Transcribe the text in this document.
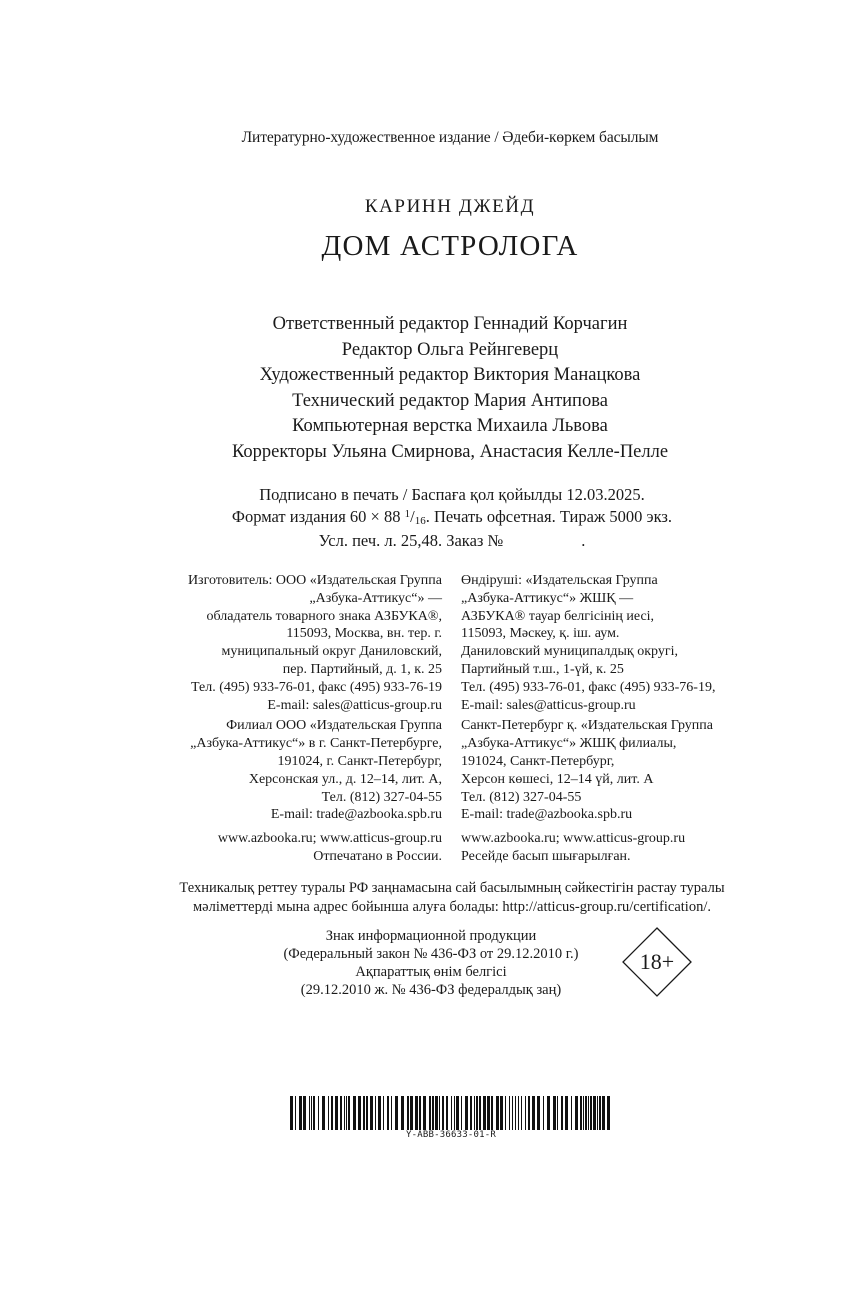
Литературно-художественное издание / Әдеби-көркем басылым
КАРИНН ДЖЕЙД
ДОМ АСТРОЛОГА
Ответственный редактор Геннадий Корчагин
Редактор Ольга Рейнгеверц
Художественный редактор Виктория Манацкова
Технический редактор Мария Антипова
Компьютерная верстка Михаила Львова
Корректоры Ульяна Смирнова, Анастасия Келле-Пелле
Подписано в печать / Баспаға қол қойылды 12.03.2025.
Формат издания 60 × 88 $^1$/16. Печать офсетная. Тираж 5000 экз.
Усл. печ. л. 25,48. Заказ №	.
Изготовитель: ООО «Издательская Группа
„Азбука-Аттикус“» —
обладатель товарного знака АЗБУКА®,
115093, Москва, вн. тер. г.
муниципальный округ Даниловский,
пер. Партийный, д. 1, к. 25
Тел. (495) 933-76-01, факс (495) 933-76-19
E-mail: sales@atticus-group.ru
Филиал ООО «Издательская Группа
„Азбука-Аттикус“» в г. Санкт-Петербурге,
191024, г. Санкт-Петербург,
Херсонская ул., д. 12–14, лит. А,
Тел. (812) 327-04-55
E-mail: trade@azbooka.spb.ru
www.azbooka.ru; www.atticus-group.ru
Отпечатано в России.
Өндіруші: «Издательская Группа
„Азбука-Аттикус“» ЖШҚ —
АЗБУКА® тауар белгісінің иесі,
115093, Мәскеу, қ. іш. аум.
Даниловский муниципалдық округі,
Партийный т.ш., 1-үй, к. 25
Тел. (495) 933-76-01, факс (495) 933-76-19,
E-mail: sales@atticus-group.ru
Санкт-Петербург қ. «Издательская Группа
„Азбука-Аттикус“» ЖШҚ филиалы,
191024, Санкт-Петербург,
Херсон көшесі, 12–14 үй, лит. А
Тел. (812) 327-04-55
E-mail: trade@azbooka.spb.ru
www.azbooka.ru; www.atticus-group.ru
Ресейде басып шығарылған.
Техникалық реттеу туралы РФ заңнамасына сай басылымның сәйкестігін растау туралы
мәліметтерді мына адрес бойынша алуға болады: http://atticus-group.ru/certification/.
Знак информационной продукции
(Федеральный закон № 436-ФЗ от 29.12.2010 г.)
Ақпараттық өнім белгісі
(29.12.2010 ж. № 436-ФЗ федералдық заң)
18+
Y-ABB-36633-01-R
